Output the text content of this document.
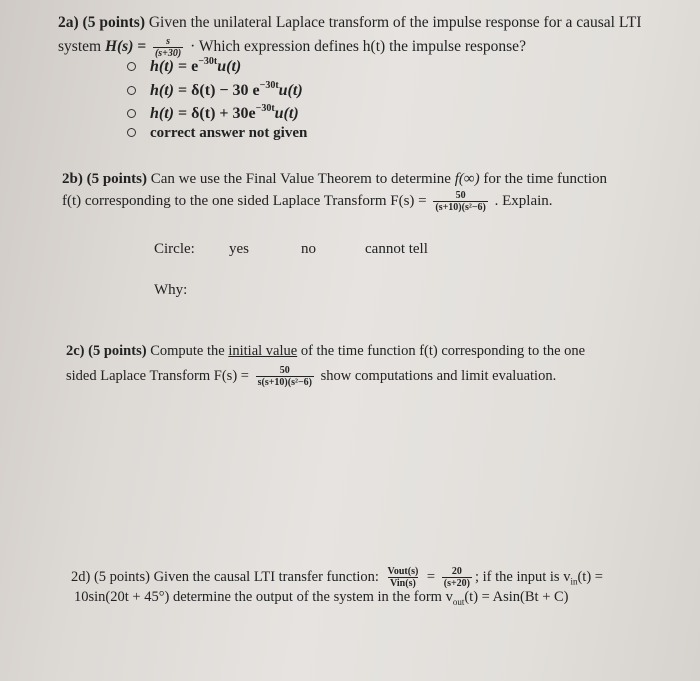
2a) (5 points) Given the unilateral Laplace transform of the impulse response for a causal LTI
system $H(s) = \frac{s}{(s+30)}$ · Which expression defines h(t) the impulse response?
$h(t) = e^{-30t}u(t)$
h(t) = δ(t) − 30 $e^{-30t}u(t)$
$h(t) = \delta(t) + 30e^{-30t}u(t)$
correct answer not given
2b) (5 points) Can we use the Final Value Theorem to determine f(∞) for the time function
f(t) corresponding to the one sided Laplace Transform $F(s) = \frac{50}{\text{(s+10)(s²−6)}}$ . Explain.
Circle: yes	no	cannot tell
Why:
2c) (5 points) Compute the initial value of the time function f(t) corresponding to the one
sided Laplace Transform $F(s) = \frac{50}{\text{s(s+10)(s²−6)}}$ show computations and limit evaluation.
2d) (5 points) Given the causal LTI transfer function: $\frac{\text{Vout(s)}}{\text{Vin(s)}} = \frac{20}{(s+20)}$ ; if the input is $v_{in}(t)$ =
10sin(20t + 45°) determine the output of the system in the form $v_{out}(t) = Asin(Bt + C)$
